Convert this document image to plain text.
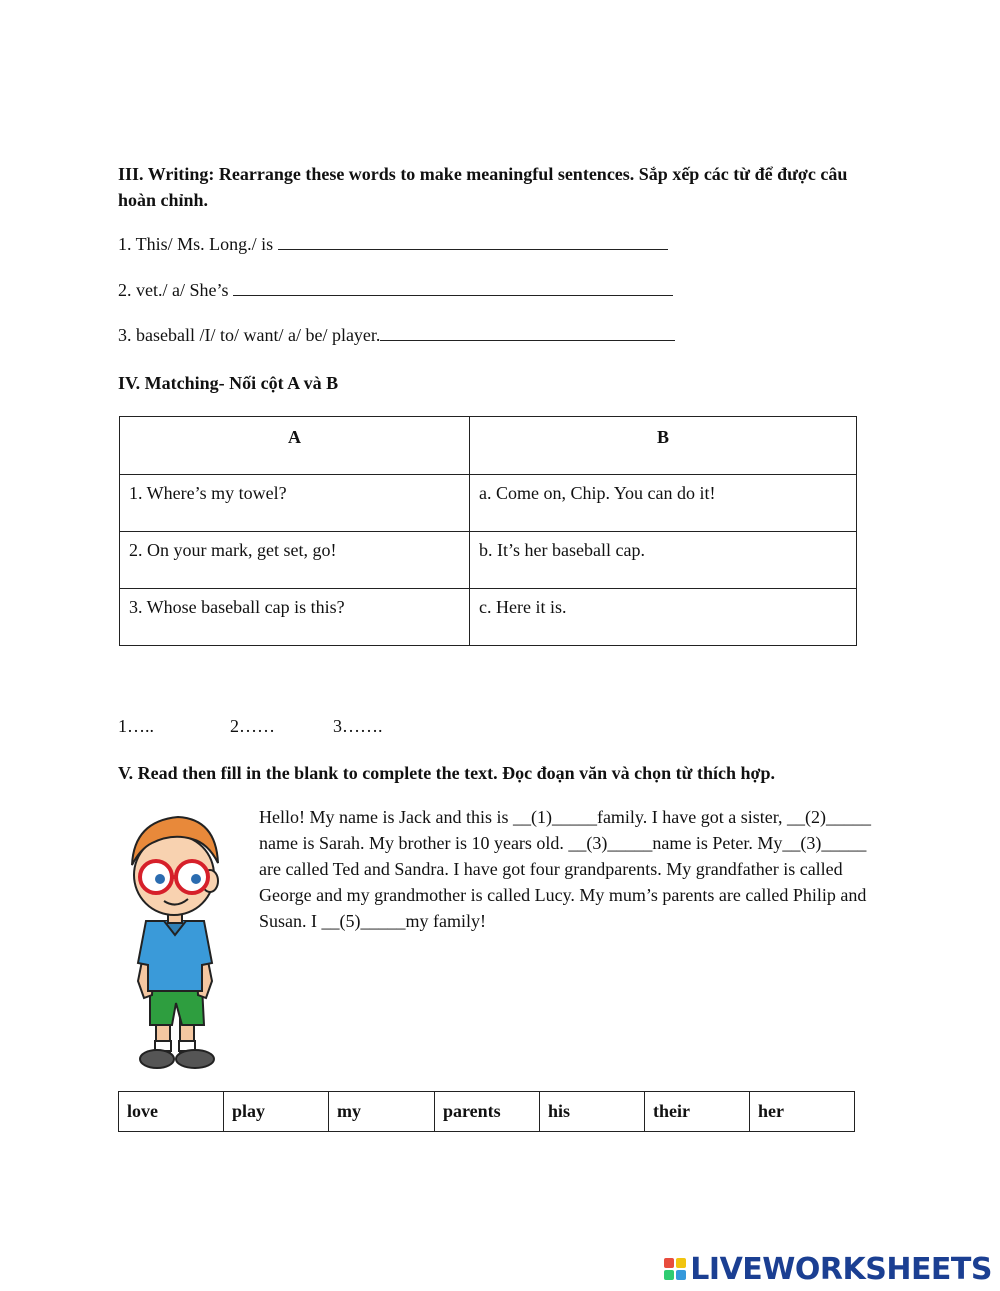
III. Writing: Rearrange these words to make meaningful sentences. Sắp xếp các từ để được câu hoàn chỉnh.
1. This/ Ms. Long./ is
2. vet./ a/ She’s
3. baseball /I/ to/ want/ a/ be/ player.
IV. Matching- Nối cột A và B
A	B
1. Where’s my towel?	a. Come on, Chip. You can do it!
2. On your mark, get set, go!	b. It’s her baseball cap.
3. Whose baseball cap is this?	c. Here it is.
1…..	2……	3…….
V. Read then fill in the blank to complete the text. Đọc đoạn văn và chọn từ thích hợp.
Hello! My name is Jack and this is __(1)_____family. I have got a sister, __(2)_____ name is Sarah. My brother is 10 years old. __(3)_____name is Peter. My__(3)_____ are called Ted and Sandra. I have got four grandparents. My grandfather is called George and my grandmother is called Lucy. My mum’s parents are called Philip and Susan. I __(5)_____my family!
love	play	my	parents	his	their	her
LIVEWORKSHEETS
